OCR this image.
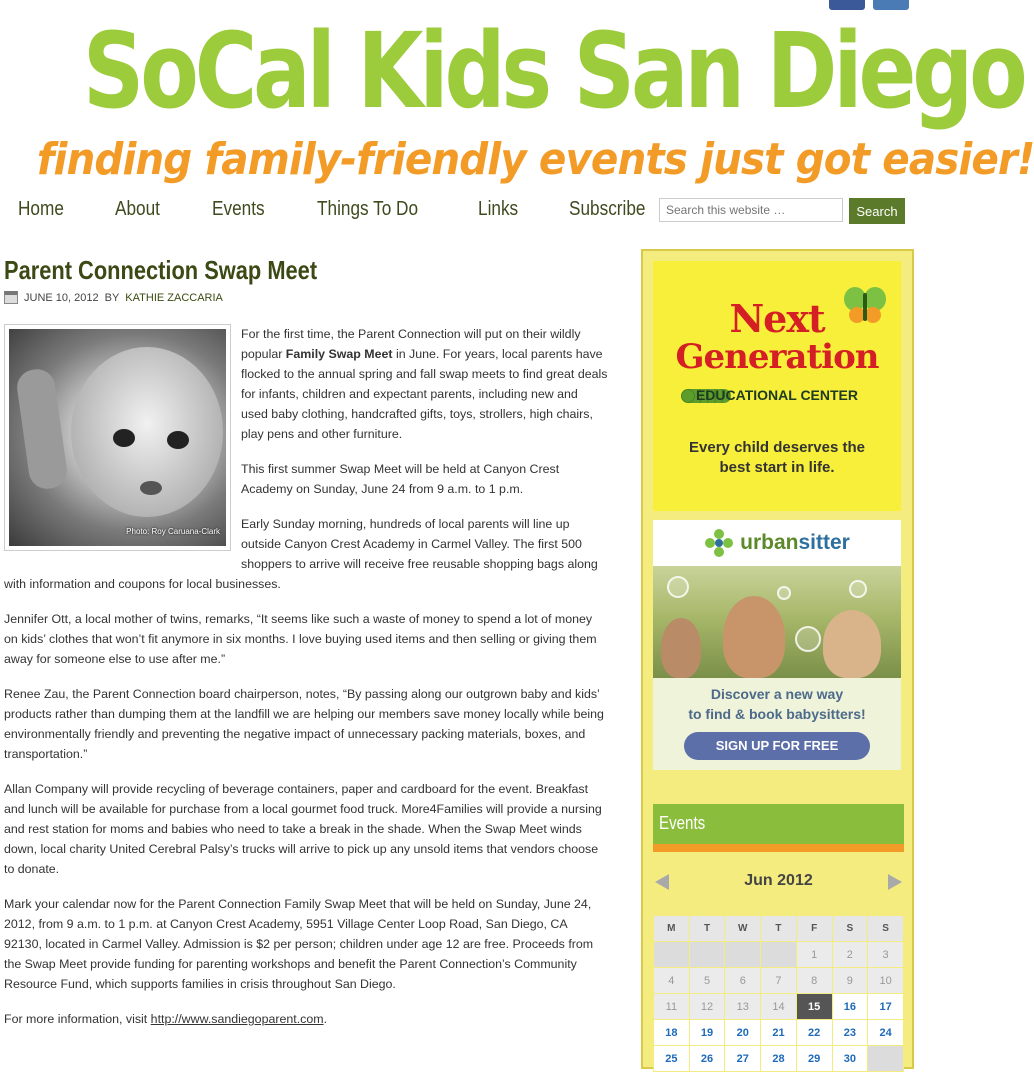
SoCal Kids San Diego
finding family-friendly events just got easier!
Home	About	Events	Things To Do	Links	Subscribe
Search this website …	Search
Parent Connection Swap Meet
JUNE 10, 2012 BY KATHIE ZACCARIA
Photo: Roy Caruana-Clark

For the first time, the Parent Connection will put on their wildly popular Family Swap Meet in June. For years, local parents have flocked to the annual spring and fall swap meets to find great deals for infants, children and expectant parents, including new and used baby clothing, handcrafted gifts, toys, strollers, high chairs, play pens and other furniture.

This first summer Swap Meet will be held at Canyon Crest Academy on Sunday, June 24 from 9 a.m. to 1 p.m.

Early Sunday morning, hundreds of local parents will line up outside Canyon Crest Academy in Carmel Valley. The first 500 shoppers to arrive will receive free reusable shopping bags along with information and coupons for local businesses.

Jennifer Ott, a local mother of twins, remarks, “It seems like such a waste of money to spend a lot of money on kids’ clothes that won’t fit anymore in six months. I love buying used items and then selling or giving them away for someone else to use after me.”

Renee Zau, the Parent Connection board chairperson, notes, “By passing along our outgrown baby and kids’ products rather than dumping them at the landfill we are helping our members save money locally while being environmentally friendly and preventing the negative impact of unnecessary packing materials, boxes, and transportation.”

Allan Company will provide recycling of beverage containers, paper and cardboard for the event. Breakfast and lunch will be available for purchase from a local gourmet food truck. More4Families will provide a nursing and rest station for moms and babies who need to take a break in the shade. When the Swap Meet winds down, local charity United Cerebral Palsy’s trucks will arrive to pick up any unsold items that vendors choose to donate.

Mark your calendar now for the Parent Connection Family Swap Meet that will be held on Sunday, June 24, 2012, from 9 a.m. to 1 p.m. at Canyon Crest Academy, 5951 Village Center Loop Road, San Diego, CA 92130, located in Carmel Valley. Admission is $2 per person; children under age 12 are free. Proceeds from the Swap Meet provide funding for parenting workshops and benefit the Parent Connection’s Community Resource Fund, which supports families in crisis throughout San Diego.

For more information, visit http://www.sandiegoparent.com.

Next
Generation
EDUCATIONAL CENTER
Every child deserves the
best start in life.
urbansitter
Discover a new way
to find & book babysitters!
SIGN UP FOR FREE
Events
Jun 2012
M	T	W	T	F	S	S
				1	2	3
4	5	6	7	8	9	10
11	12	13	14	15	16	17
18	19	20	21	22	23	24
25	26	27	28	29	30	
